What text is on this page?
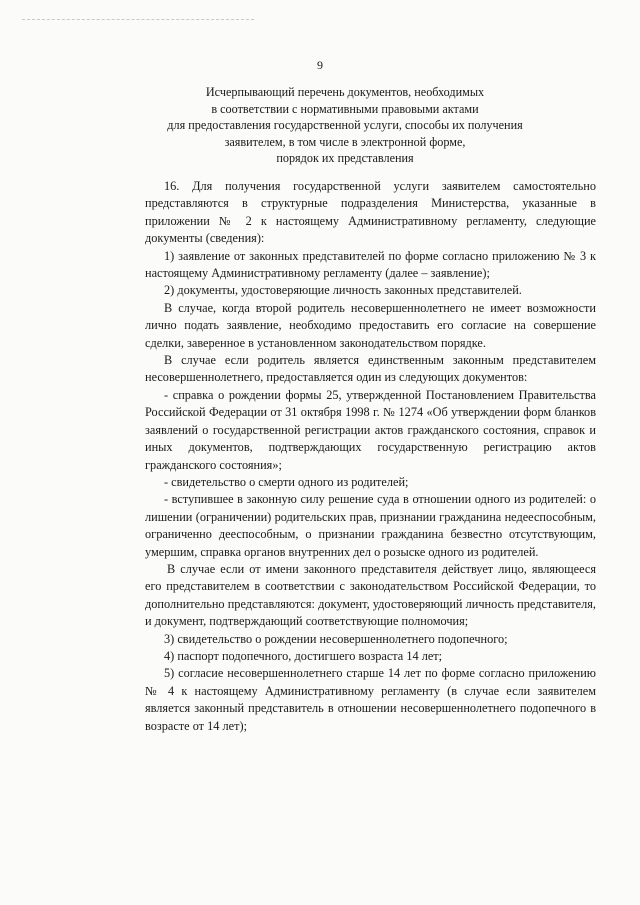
9
Исчерпывающий перечень документов, необходимых
в соответствии с нормативными правовыми актами
для предоставления государственной услуги, способы их получения
заявителем, в том числе в электронной форме,
порядок их представления

16. Для получения государственной услуги заявителем самостоятельно представляются в структурные подразделения Министерства, указанные в приложении № 2 к настоящему Административному регламенту, следующие документы (сведения):

1) заявление от законных представителей по форме согласно приложению № 3 к настоящему Административному регламенту (далее – заявление);

2) документы, удостоверяющие личность законных представителей.

В случае, когда второй родитель несовершеннолетнего не имеет возможности лично подать заявление, необходимо предоставить его согласие на совершение сделки, заверенное в установленном законодательством порядке.

В случае если родитель является единственным законным представителем несовершеннолетнего, предоставляется один из следующих документов:

- справка о рождении формы 25, утвержденной Постановлением Правительства Российской Федерации от 31 октября 1998 г. № 1274 «Об утверждении форм бланков заявлений о государственной регистрации актов гражданского состояния, справок и иных документов, подтверждающих государственную регистрацию актов гражданского состояния»;

- свидетельство о смерти одного из родителей;

- вступившее в законную силу решение суда в отношении одного из родителей: о лишении (ограничении) родительских прав, признании гражданина недееспособным, ограниченно дееспособным, о признании гражданина безвестно отсутствующим, умершим, справка органов внутренних дел о розыске одного из родителей.

В случае если от имени законного представителя действует лицо, являющееся его представителем в соответствии с законодательством Российской Федерации, то дополнительно представляются: документ, удостоверяющий личность представителя, и документ, подтверждающий соответствующие полномочия;

3) свидетельство о рождении несовершеннолетнего подопечного;

4) паспорт подопечного, достигшего возраста 14 лет;

5) согласие несовершеннолетнего старше 14 лет по форме согласно приложению № 4 к настоящему Административному регламенту (в случае если заявителем является законный представитель в отношении несовершеннолетнего подопечного в возрасте от 14 лет);
